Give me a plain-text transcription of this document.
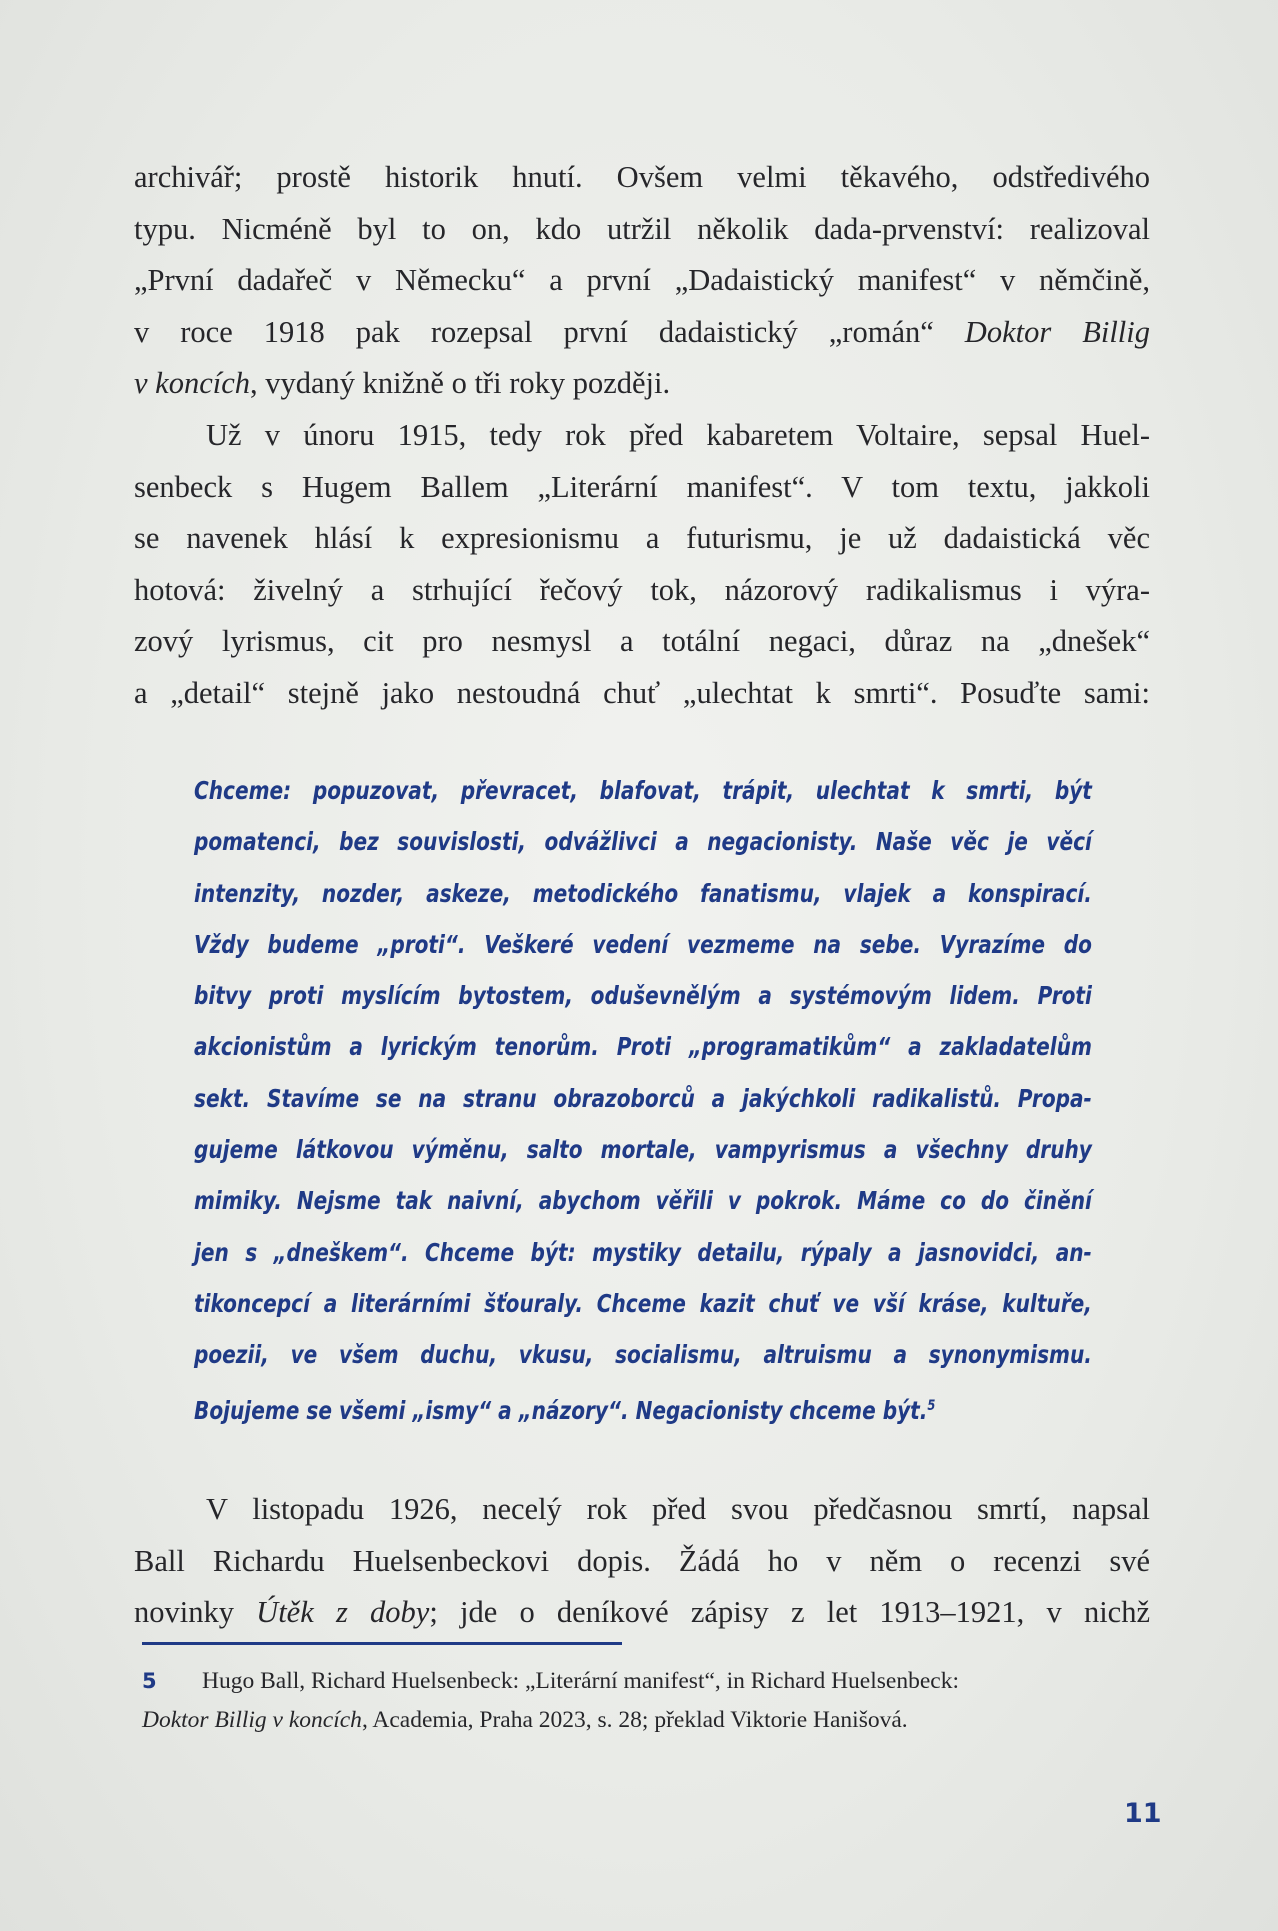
archivář; prostě historik hnutí. Ovšem velmi těkavého, odstředivého
typu. Nicméně byl to on, kdo utržil několik dada-prvenství: realizoval
„První dadařeč v Německu“ a první „Dadaistický manifest“ v němčině,
v roce 1918 pak rozepsal první dadaistický „román“ Doktor Billig
v koncích, vydaný knižně o tři roky později.

Už v únoru 1915, tedy rok před kabaretem Voltaire, sepsal Huel-
senbeck s Hugem Ballem „Literární manifest“. V tom textu, jakkoli
se navenek hlásí k expresionismu a futurismu, je už dadaistická věc
hotová: živelný a strhující řečový tok, názorový radikalismus i výra-
zový lyrismus, cit pro nesmysl a totální negaci, důraz na „dnešek“
a „detail“ stejně jako nestoudná chuť „ulechtat k smrti“. Posuďte sami:

Chceme: popuzovat, převracet, blafovat, trápit, ulechtat k smrti, být
pomatenci, bez souvislosti, odvážlivci a negacionisty. Naše věc je věcí
intenzity, nozder, askeze, metodického fanatismu, vlajek a konspirací.
Vždy budeme „proti“. Veškeré vedení vezmeme na sebe. Vyrazíme do
bitvy proti myslícím bytostem, oduševnělým a systémovým lidem. Proti
akcionistům a lyrickým tenorům. Proti „programatikům“ a zakladatelům
sekt. Stavíme se na stranu obrazoborců a jakýchkoli radikalistů. Propa-
gujeme látkovou výměnu, salto mortale, vampyrismus a všechny druhy
mimiky. Nejsme tak naivní, abychom věřili v pokrok. Máme co do činění
jen s „dneškem“. Chceme být: mystiky detailu, rýpaly a jasnovidci, an-
tikoncepcí a literárními šťouraly. Chceme kazit chuť ve vší kráse, kultuře,
poezii, ve všem duchu, vkusu, socialismu, altruismu a synonymismu.
Bojujeme se všemi „ismy“ a „názory“. Negacionisty chceme být.$^5$

V listopadu 1926, necelý rok před svou předčasnou smrtí, napsal
Ball Richardu Huelsenbeckovi dopis. Žádá ho v něm o recenzi své
novinky Útěk z doby; jde o deníkové zápisy z let 1913–1921, v nichž

5 Hugo Ball, Richard Huelsenbeck: „Literární manifest“, in Richard Huelsenbeck:
Doktor Billig v koncích, Academia, Praha 2023, s. 28; překlad Viktorie Hanišová.
11
